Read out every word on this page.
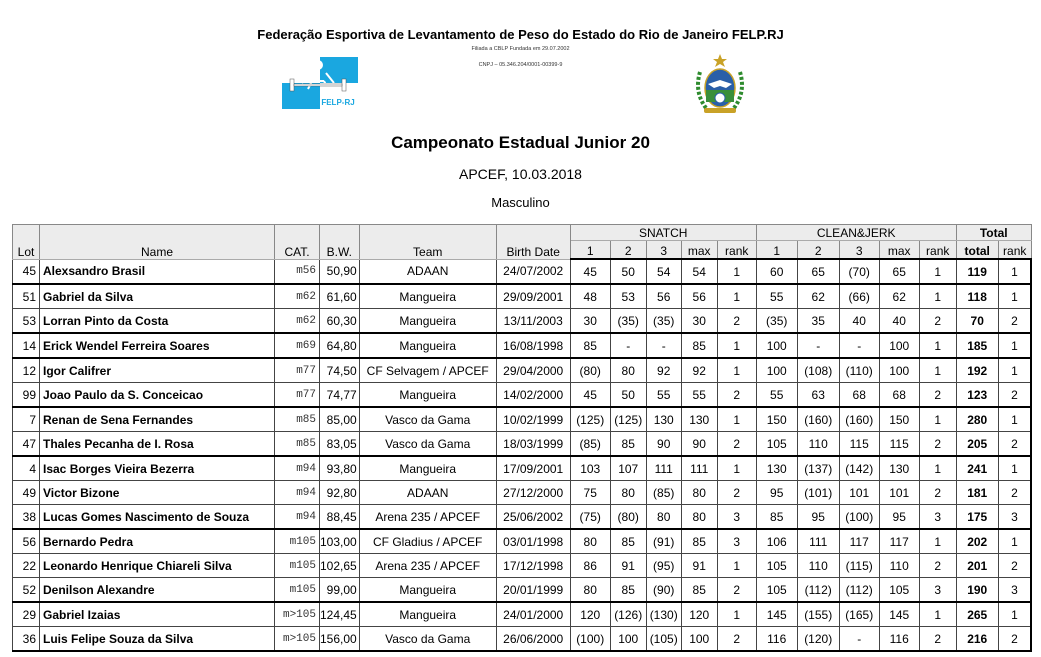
Federação Esportiva de Levantamento de Peso do Estado do Rio de Janeiro FELP.RJ
Filiada a CBLP Fundada em 29.07.2002
CNPJ – 05.346.204/0001-00399-9
FELP-RJ
Campeonato Estadual Junior 20
APCEF, 10.03.2018
Masculino
Lot	Name	CAT.	B.W.	Team	Birth Date	SNATCH					CLEAN&JERK					Total	
						1	2	3	max	rank	1	2	3	max	rank	total	rank
45	Alexsandro Brasil	m56	50,90	ADAAN	24/07/2002	45	50	54	54	1	60	65	(70)	65	1	119	1
51	Gabriel da Silva	m62	61,60	Mangueira	29/09/2001	48	53	56	56	1	55	62	(66)	62	1	118	1
53	Lorran Pinto da Costa	m62	60,30	Mangueira	13/11/2003	30	(35)	(35)	30	2	(35)	35	40	40	2	70	2
14	Erick Wendel Ferreira Soares	m69	64,80	Mangueira	16/08/1998	85	-	-	85	1	100	-	-	100	1	185	1
12	Igor Califrer	m77	74,50	CF Selvagem / APCEF	29/04/2000	(80)	80	92	92	1	100	(108)	(110)	100	1	192	1
99	Joao Paulo da S. Conceicao	m77	74,77	Mangueira	14/02/2000	45	50	55	55	2	55	63	68	68	2	123	2
7	Renan de Sena Fernandes	m85	85,00	Vasco da Gama	10/02/1999	(125)	(125)	130	130	1	150	(160)	(160)	150	1	280	1
47	Thales Pecanha de I. Rosa	m85	83,05	Vasco da Gama	18/03/1999	(85)	85	90	90	2	105	110	115	115	2	205	2
4	Isac Borges Vieira Bezerra	m94	93,80	Mangueira	17/09/2001	103	107	111	111	1	130	(137)	(142)	130	1	241	1
49	Victor Bizone	m94	92,80	ADAAN	27/12/2000	75	80	(85)	80	2	95	(101)	101	101	2	181	2
38	Lucas Gomes Nascimento de Souza	m94	88,45	Arena 235 / APCEF	25/06/2002	(75)	(80)	80	80	3	85	95	(100)	95	3	175	3
56	Bernardo Pedra	m105	103,00	CF Gladius / APCEF	03/01/1998	80	85	(91)	85	3	106	111	117	117	1	202	1
22	Leonardo Henrique Chiareli Silva	m105	102,65	Arena 235 / APCEF	17/12/1998	86	91	(95)	91	1	105	110	(115)	110	2	201	2
52	Denilson Alexandre	m105	99,00	Mangueira	20/01/1999	80	85	(90)	85	2	105	(112)	(112)	105	3	190	3
29	Gabriel Izaias	m>105	124,45	Mangueira	24/01/2000	120	(126)	(130)	120	1	145	(155)	(165)	145	1	265	1
36	Luis Felipe Souza da Silva	m>105	156,00	Vasco da Gama	26/06/2000	(100)	100	(105)	100	2	116	(120)	-	116	2	216	2
